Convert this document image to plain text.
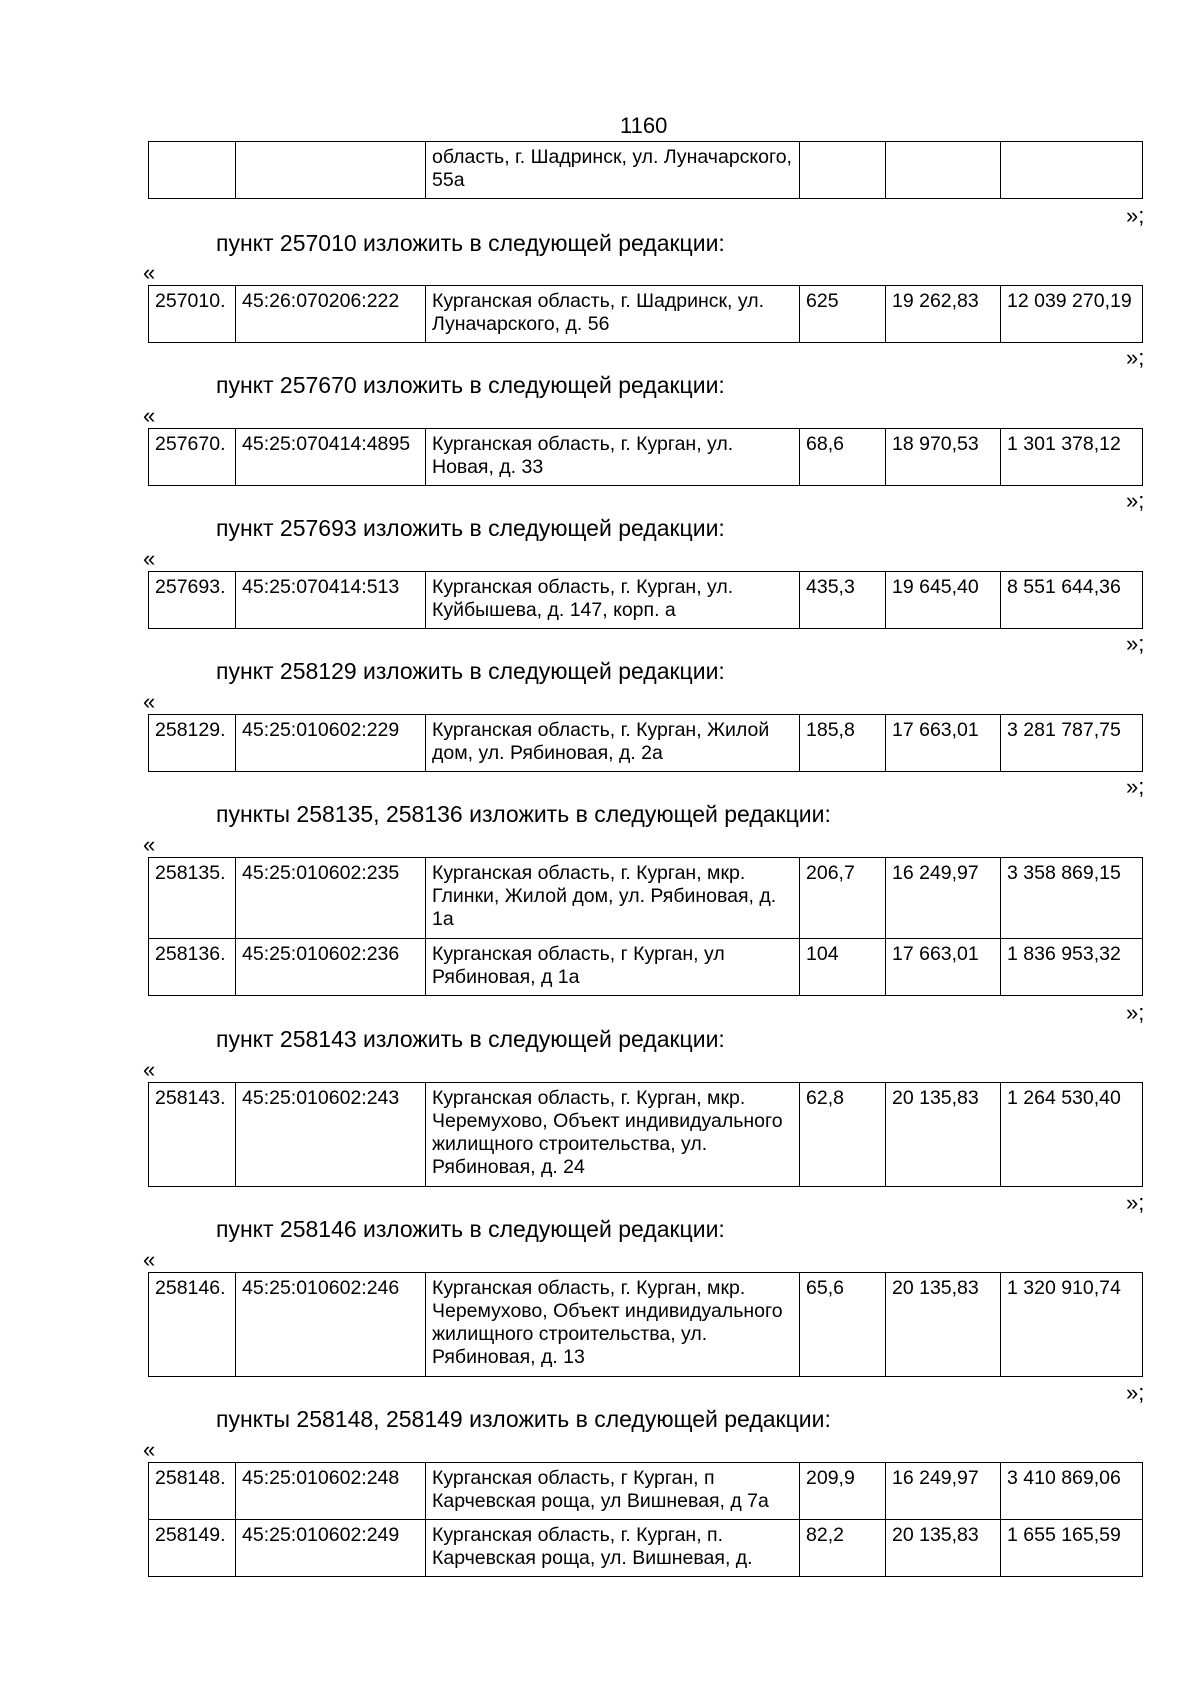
1160
		область, г. Шадринск, ул. Луначарского, 55а			
»;
пункт 257010 изложить в следующей редакции:
«
257010.	45:26:070206:222	Курганская область, г. Шадринск, ул. Луначарского, д. 56	625	19 262,83	12 039 270,19
»;
пункт 257670 изложить в следующей редакции:
«
257670.	45:25:070414:4895	Курганская область, г. Курган, ул. Новая, д. 33	68,6	18 970,53	1 301 378,12
»;
пункт 257693 изложить в следующей редакции:
«
257693.	45:25:070414:513	Курганская область, г. Курган, ул. Куйбышева, д. 147, корп. а	435,3	19 645,40	8 551 644,36
»;
пункт 258129 изложить в следующей редакции:
«
258129.	45:25:010602:229	Курганская область, г. Курган, Жилой дом, ул. Рябиновая, д. 2а	185,8	17 663,01	3 281 787,75
»;
пункты 258135, 258136 изложить в следующей редакции:
«
258135.	45:25:010602:235	Курганская область, г. Курган, мкр. Глинки, Жилой дом, ул. Рябиновая, д. 1а	206,7	16 249,97	3 358 869,15
258136.	45:25:010602:236	Курганская область, г Курган, ул Рябиновая, д 1а	104	17 663,01	1 836 953,32
»;
пункт 258143 изложить в следующей редакции:
«
258143.	45:25:010602:243	Курганская область, г. Курган, мкр. Черемухово, Объект индивидуального жилищного строительства, ул. Рябиновая, д. 24	62,8	20 135,83	1 264 530,40
»;
пункт 258146 изложить в следующей редакции:
«
258146.	45:25:010602:246	Курганская область, г. Курган, мкр. Черемухово, Объект индивидуального жилищного строительства, ул. Рябиновая, д. 13	65,6	20 135,83	1 320 910,74
»;
пункты 258148, 258149 изложить в следующей редакции:
«
258148.	45:25:010602:248	Курганская область, г Курган, п Карчевская роща, ул Вишневая, д 7а	209,9	16 249,97	3 410 869,06
258149.	45:25:010602:249	Курганская область, г. Курган, п. Карчевская роща, ул. Вишневая, д.	82,2	20 135,83	1 655 165,59
